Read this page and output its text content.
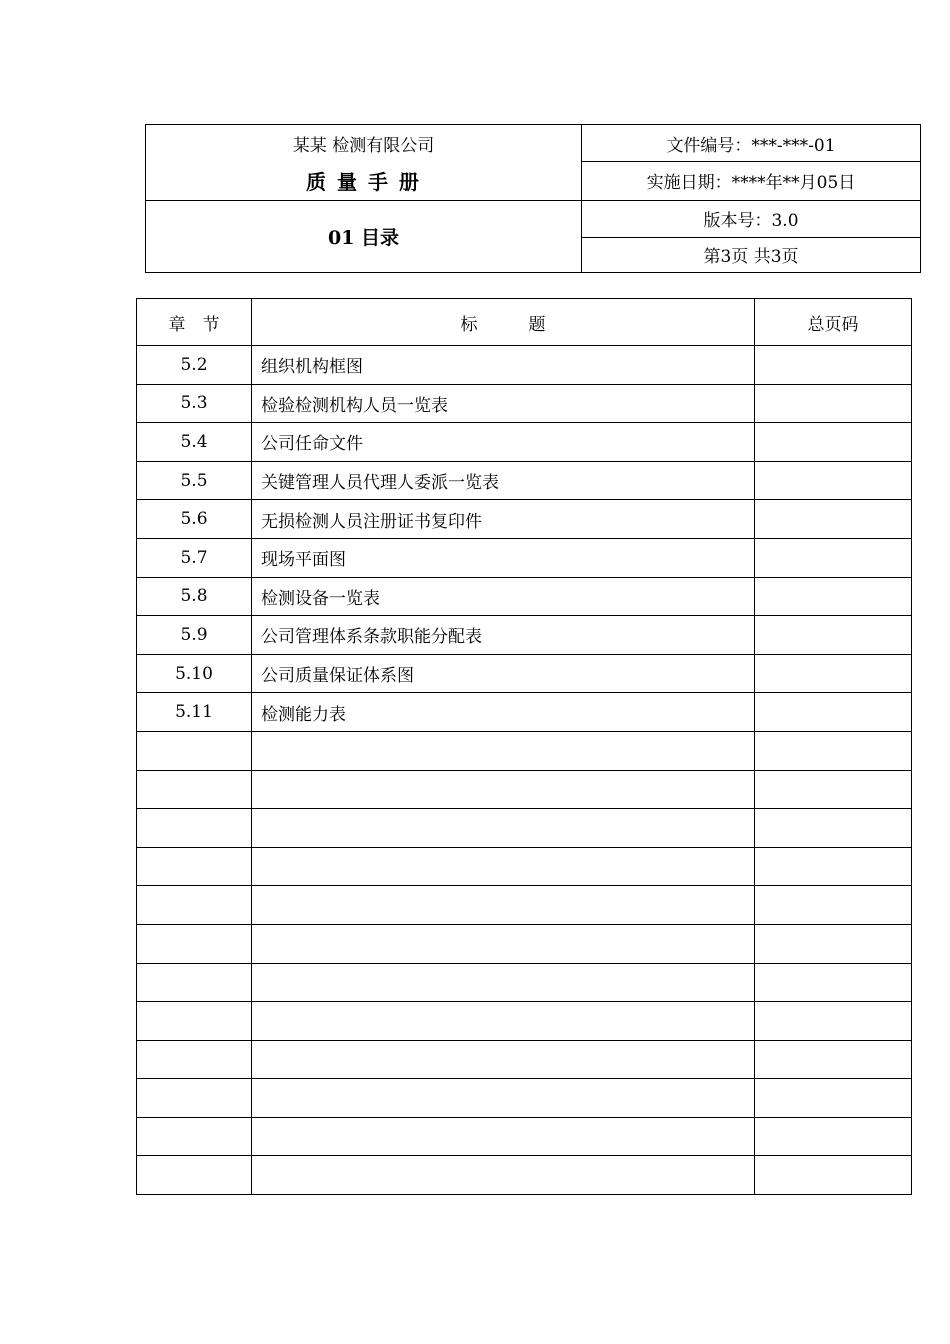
某某 检测有限公司
质 量 手 册	文件编号：***-***-01
	实施日期：****年**月05日
01 目录	版本号：3.0
	第3页 共3页
章　节	标　　　题	总页码
5.2	组织机构框图	
5.3	检验检测机构人员一览表	
5.4	公司任命文件	
5.5	关键管理人员代理人委派一览表	
5.6	无损检测人员注册证书复印件	
5.7	现场平面图	
5.8	检测设备一览表	
5.9	公司管理体系条款职能分配表	
5.10	公司质量保证体系图	
5.11	检测能力表	
